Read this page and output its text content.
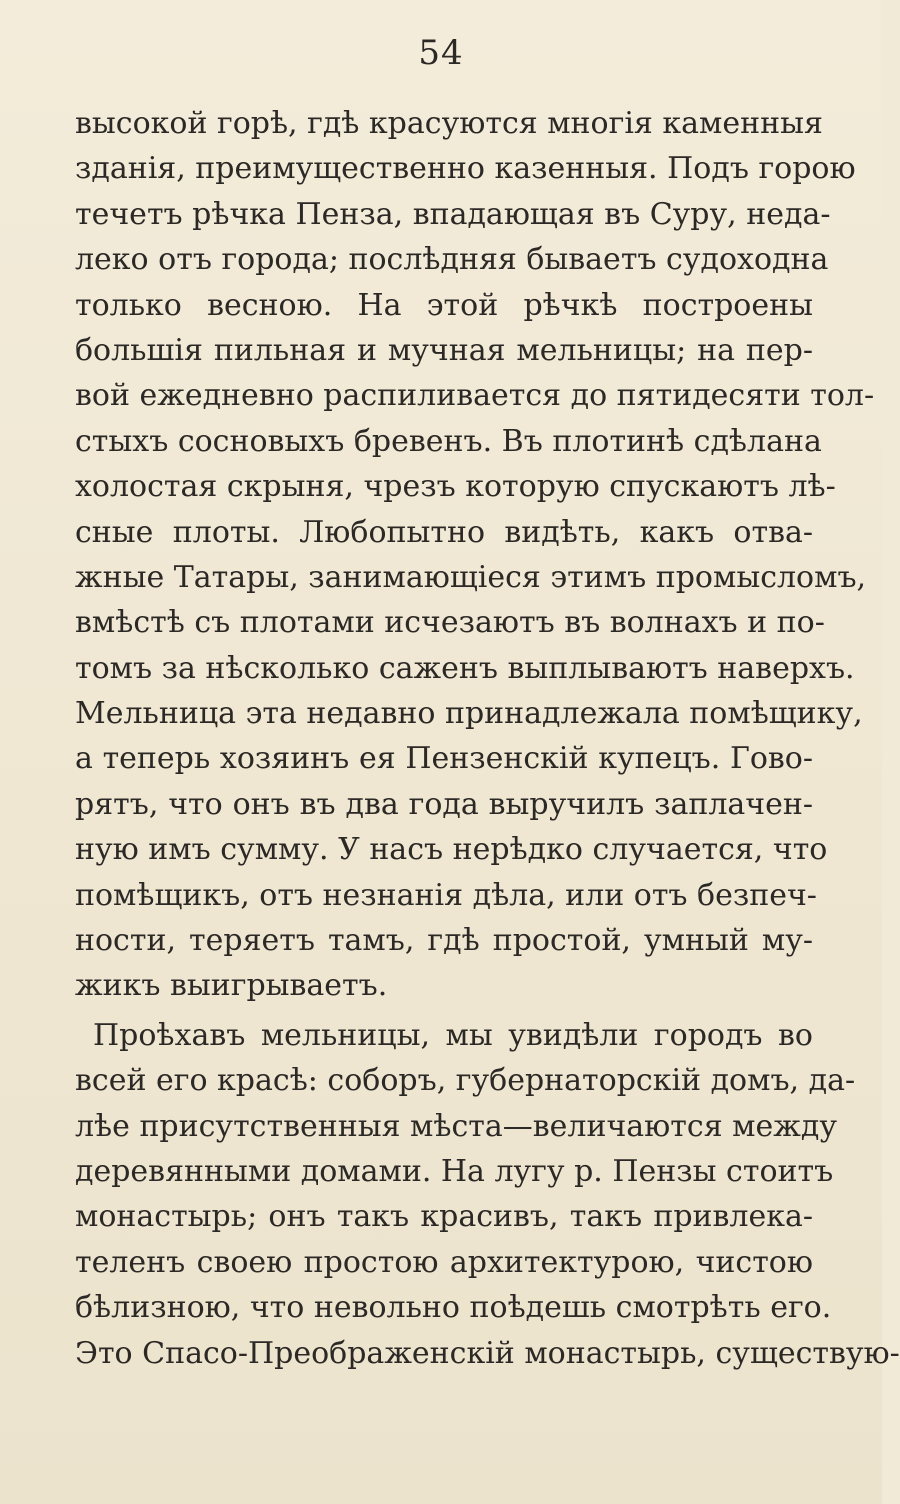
54
высокой горѣ, гдѣ красуются многія каменныя
зданія, преимущественно казенныя. Подъ горою
течетъ рѣчка Пенза, впадающая въ Суру, неда-
леко отъ города; послѣдняя бываетъ судоходна
только весною. На этой рѣчкѣ построены
большія пильная и мучная мельницы; на пер-
вой ежедневно распиливается до пятидесяти тол-
стыхъ сосновыхъ бревенъ. Въ плотинѣ сдѣлана
холостая скрыня, чрезъ которую спускаютъ лѣ-
сные плоты. Любопытно видѣть, какъ отва-
жные Татары, занимающіеся этимъ промысломъ,
вмѣстѣ съ плотами исчезаютъ въ волнахъ и по-
томъ за нѣсколько саженъ выплываютъ наверхъ.
Мельница эта недавно принадлежала помѣщику,
а теперь хозяинъ ея Пензенскій купецъ. Гово-
рятъ, что онъ въ два года выручилъ заплачен-
ную имъ сумму. У насъ нерѣдко случается, что
помѣщикъ, отъ незнанія дѣла, или отъ безпеч-
ности, теряетъ тамъ, гдѣ простой, умный му-
жикъ выигрываетъ.
Проѣхавъ мельницы, мы увидѣли городъ во
всей его красѣ: соборъ, губернаторскій домъ, да-
лѣе присутственныя мѣста—величаются между
деревянными домами. На лугу р. Пензы стоитъ
монастырь; онъ такъ красивъ, такъ привлека-
теленъ своею простою архитектурою, чистою
бѣлизною, что невольно поѣдешь смотрѣть его.
Это Спасо-Преображенскій монастырь, существую-
